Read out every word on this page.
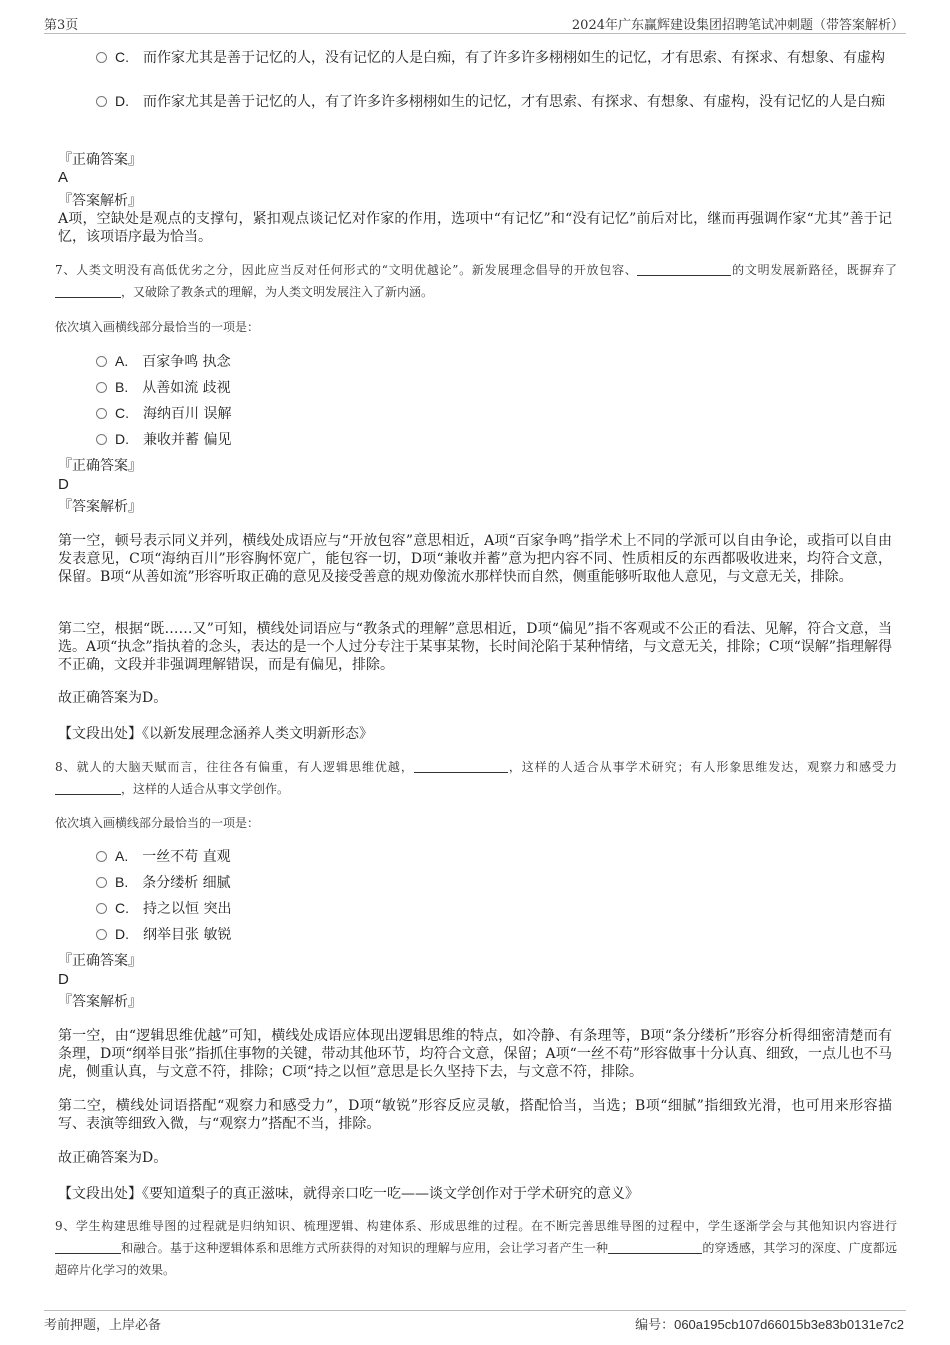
第3页	2024年广东赢辉建设集团招聘笔试冲刺题（带答案解析）
C. 而作家尤其是善于记忆的人，没有记忆的人是白痴，有了许多许多栩栩如生的记忆，才有思索、有探求、有想象、有虚构
D. 而作家尤其是善于记忆的人，有了许多许多栩栩如生的记忆，才有思索、有探求、有想象、有虚构，没有记忆的人是白痴
『正确答案』
A
『答案解析』
A项，空缺处是观点的支撑句，紧扣观点谈记忆对作家的作用，选项中“有记忆”和“没有记忆”前后对比，继而再强调作家“尤其”善于记忆，该项语序最为恰当。
7、人类文明没有高低优劣之分，因此应当反对任何形式的“文明优越论”。新发展理念倡导的开放包容、	的文明发展新路径，既摒弃了，又破除了教条式的理解，为人类文明发展注入了新内涵。
依次填入画横线部分最恰当的一项是：
A. 百家争鸣 执念
B. 从善如流 歧视
C. 海纳百川 误解
D. 兼收并蓄 偏见
『正确答案』
D
『答案解析』
第一空，顿号表示同义并列，横线处成语应与“开放包容”意思相近，A项“百家争鸣”指学术上不同的学派可以自由争论，或指可以自由发表意见，C项“海纳百川”形容胸怀宽广，能包容一切，D项“兼收并蓄”意为把内容不同、性质相反的东西都吸收进来，均符合文意，保留。B项“从善如流”形容听取正确的意见及接受善意的规劝像流水那样快而自然，侧重能够听取他人意见，与文意无关，排除。
第二空，根据“既……又”可知，横线处词语应与“教条式的理解”意思相近，D项“偏见”指不客观或不公正的看法、见解，符合文意，当选。A项“执念”指执着的念头，表达的是一个人过分专注于某事某物，长时间沦陷于某种情绪，与文意无关，排除；C项“误解”指理解得不正确，文段并非强调理解错误，而是有偏见，排除。
故正确答案为D。
【文段出处】《以新发展理念涵养人类文明新形态》
8、就人的大脑天赋而言，往往各有偏重，有人逻辑思维优越，	，这样的人适合从事学术研究；有人形象思维发达，观察力和感受力，这样的人适合从事文学创作。
依次填入画横线部分最恰当的一项是：
A. 一丝不苟 直观
B. 条分缕析 细腻
C. 持之以恒 突出
D. 纲举目张 敏锐
『正确答案』
D
『答案解析』
第一空，由“逻辑思维优越”可知，横线处成语应体现出逻辑思维的特点，如冷静、有条理等，B项“条分缕析”形容分析得细密清楚而有条理，D项“纲举目张”指抓住事物的关键，带动其他环节，均符合文意，保留；A项“一丝不苟”形容做事十分认真、细致，一点儿也不马虎，侧重认真，与文意不符，排除；C项“持之以恒”意思是长久坚持下去，与文意不符，排除。
第二空，横线处词语搭配“观察力和感受力”，D项“敏锐”形容反应灵敏，搭配恰当，当选；B项“细腻”指细致光滑，也可用来形容描写、表演等细致入微，与“观察力”搭配不当，排除。
故正确答案为D。
【文段出处】《要知道梨子的真正滋味，就得亲口吃一吃——谈文学创作对于学术研究的意义》
9、学生构建思维导图的过程就是归纳知识、梳理逻辑、构建体系、形成思维的过程。在不断完善思维导图的过程中，学生逐渐学会与其他知识内容进行和融合。基于这种逻辑体系和思维方式所获得的对知识的理解与应用，会让学习者产生一种	的穿透感，其学习的深度、广度都远超碎片化学习的效果。
考前押题，上岸必备	编号：060a195cb107d66015b3e83b0131e7c2
